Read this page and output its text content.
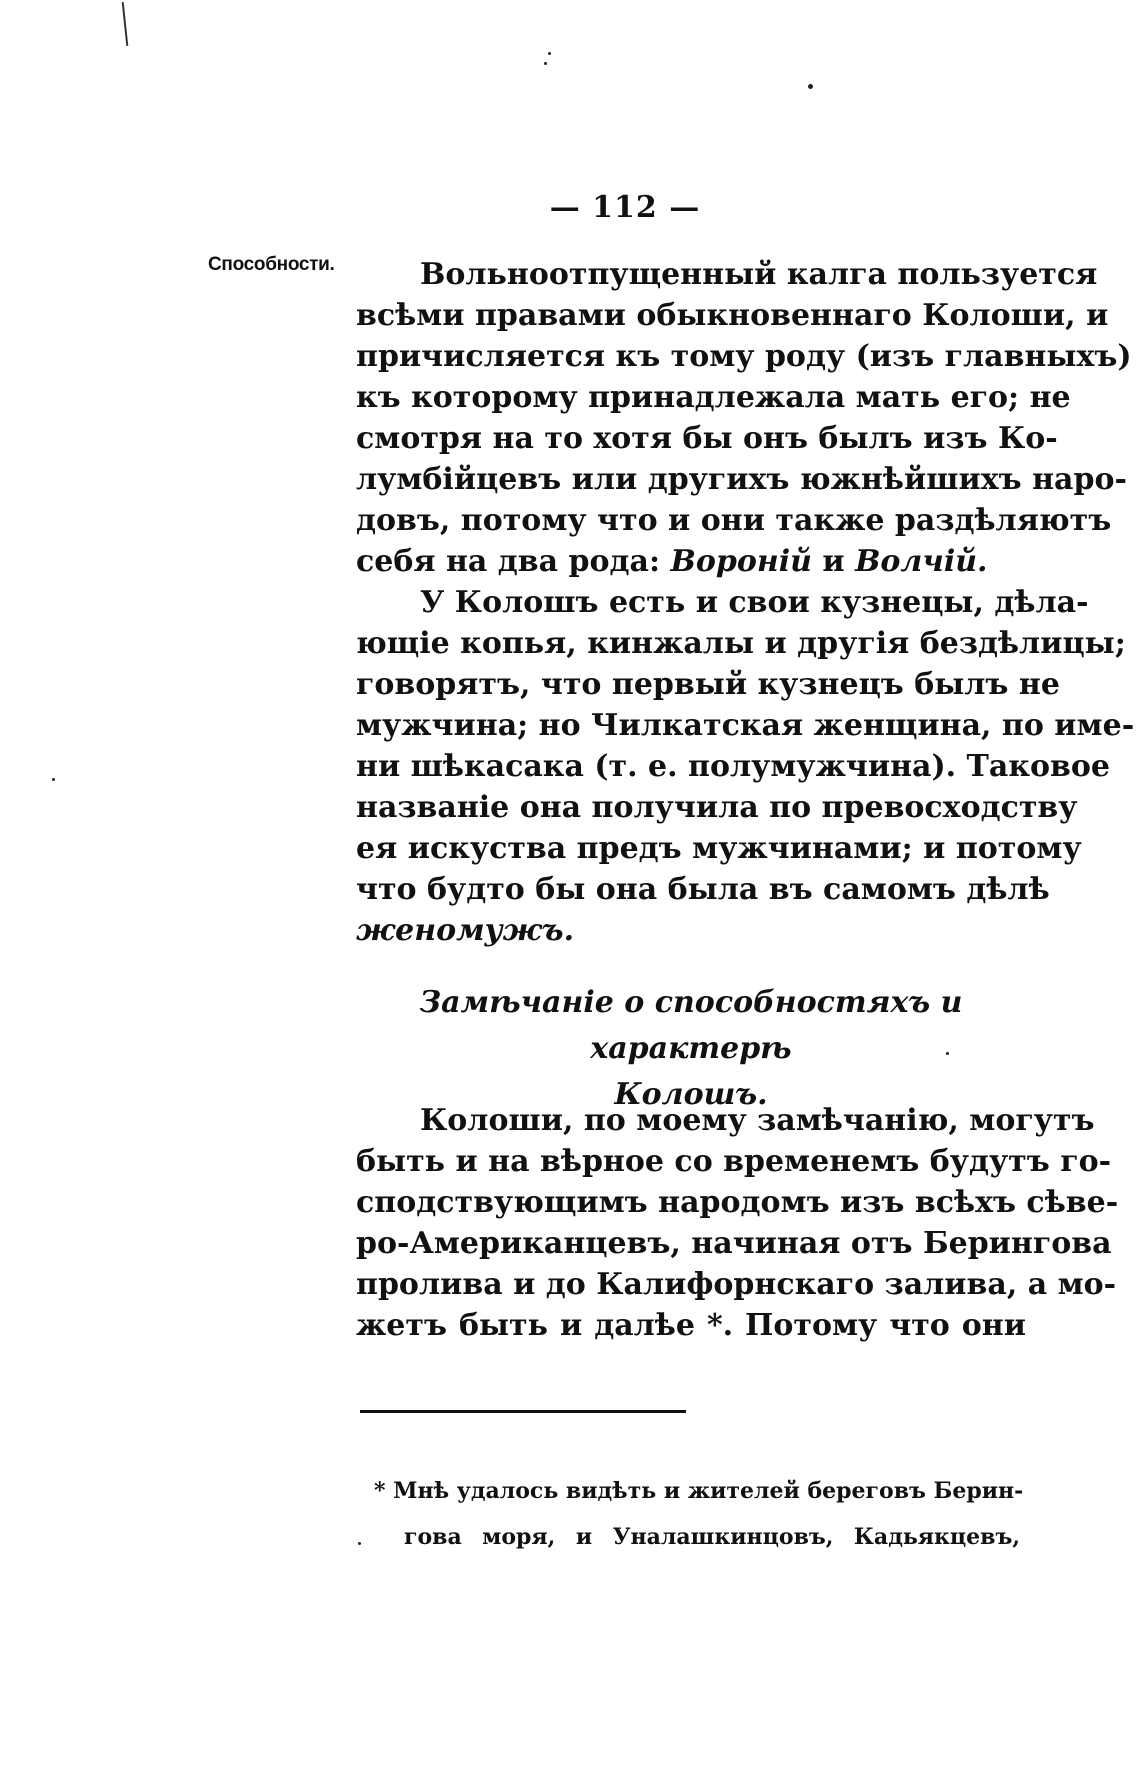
— 112 —
Способности.	Вольноотпущенный калга пользуется
всѣми правами обыкновеннаго Колоши, и
причисляется къ тому роду (изъ главныхъ)
къ которому принадлежала мать его; не
смотря на то хотя бы онъ былъ изъ Ко-
лумбійцевъ или другихъ южнѣйшихъ наро-
довъ, потому что и они также раздѣляютъ
себя на два рода: Вороній и Волчій.

У Колошъ есть и свои кузнецы, дѣла-
ющіе копья, кинжалы и другія бездѣлицы;
говорятъ, что первый кузнецъ былъ не
мужчина; но Чилкатская женщина, по име-
ни шѣкасака (т. е. полумужчина). Таковое
названіе она получила по превосходству
ея искуства предъ мужчинами; и потому
что будто бы она была въ самомъ дѣлѣ
женомужъ.

Замѣчаніе о способностяхъ и характерѣ
Колошъ.

Колоши, по моему замѣчанію, могутъ
быть и на вѣрное со временемъ будутъ го-
сподствующимъ народомъ изъ всѣхъ сѣве-
ро-Американцевъ, начиная отъ Берингова
пролива и до Калифорнскаго залива, а мо-
жетъ быть и далѣе *. Потому что они

* Мнѣ удалось видѣть и жителей береговъ Берин-
гова моря, и Уналашкинцовъ, Кадьякцевъ,
